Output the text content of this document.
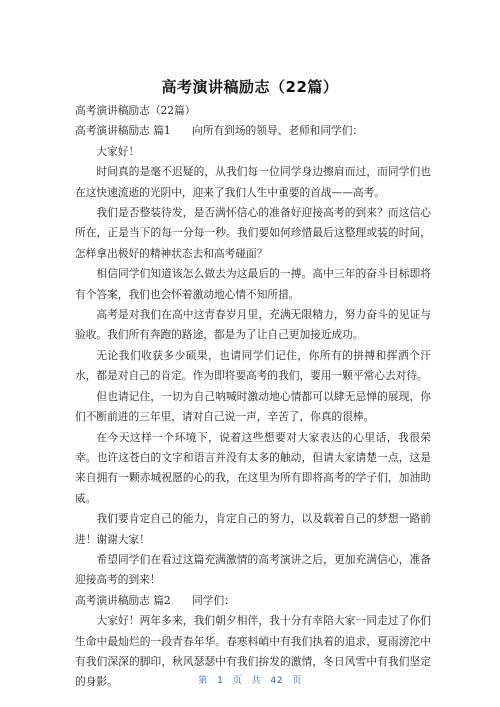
高考演讲稿励志（22篇）

高考演讲稿励志（22篇）

高考演讲稿励志 篇1　　向所有到场的领导、老师和同学们：

大家好！

时间真的是毫不迟疑的，从我们每一位同学身边擦肩而过，而同学们也在这快速流逝的光阴中，迎来了我们人生中重要的首战——高考。

我们是否整装待发，是否满怀信心的准备好迎接高考的到来？而这信心所在，正是当下的每一分每一秒。我们要如何珍惜最后这整理或装的时间，怎样拿出极好的精神状态去和高考碰面？

相信同学们知道该怎么做去为这最后的一搏。高中三年的奋斗目标即将有个答案，我们也会怀着激动地心情不知所措。

高考是对我们在高中这青春岁月里，充满无限精力，努力奋斗的见证与验收。我们所有奔跑的路途，都是为了让自己更加接近成功。

无论我们收获多少硕果，也请同学们记住，你所有的拼搏和挥洒个汗水，都是对自己的肯定。作为即将要高考的我们，要用一颗平常心去对待。

但也请记住，一切为自己呐喊时激动地心情都可以肆无忌惮的展现，你们不断前进的三年里，请对自己说一声，辛苦了，你真的很棒。

在今天这样一个环境下，说着这些想要对大家表达的心里话，我很荣幸。也许这苍白的文字和语言并没有太多的触动，但请大家请楚一点，这是来自拥有一颗赤城祝愿的心的我，在这里为所有即将高考的学子们，加油助威。

我们要肯定自己的能力，肯定自己的努力，以及载着自己的梦想一路前进！谢谢大家！

希望同学们在看过这篇充满激情的高考演讲之后，更加充满信心，准备迎接高考的到来！

高考演讲稿励志 篇2　　同学们：

大家好！两年多来，我们朝夕相伴，我十分有幸陪大家一同走过了你们生命中最灿烂的一段青春年华。春寒料峭中有我们执着的追求，夏雨滂沱中有我们深深的脚印，秋风瑟瑟中有我们拚发的激情，冬日风雪中有我们坚定的身影。	第 1 页 共 42 页
